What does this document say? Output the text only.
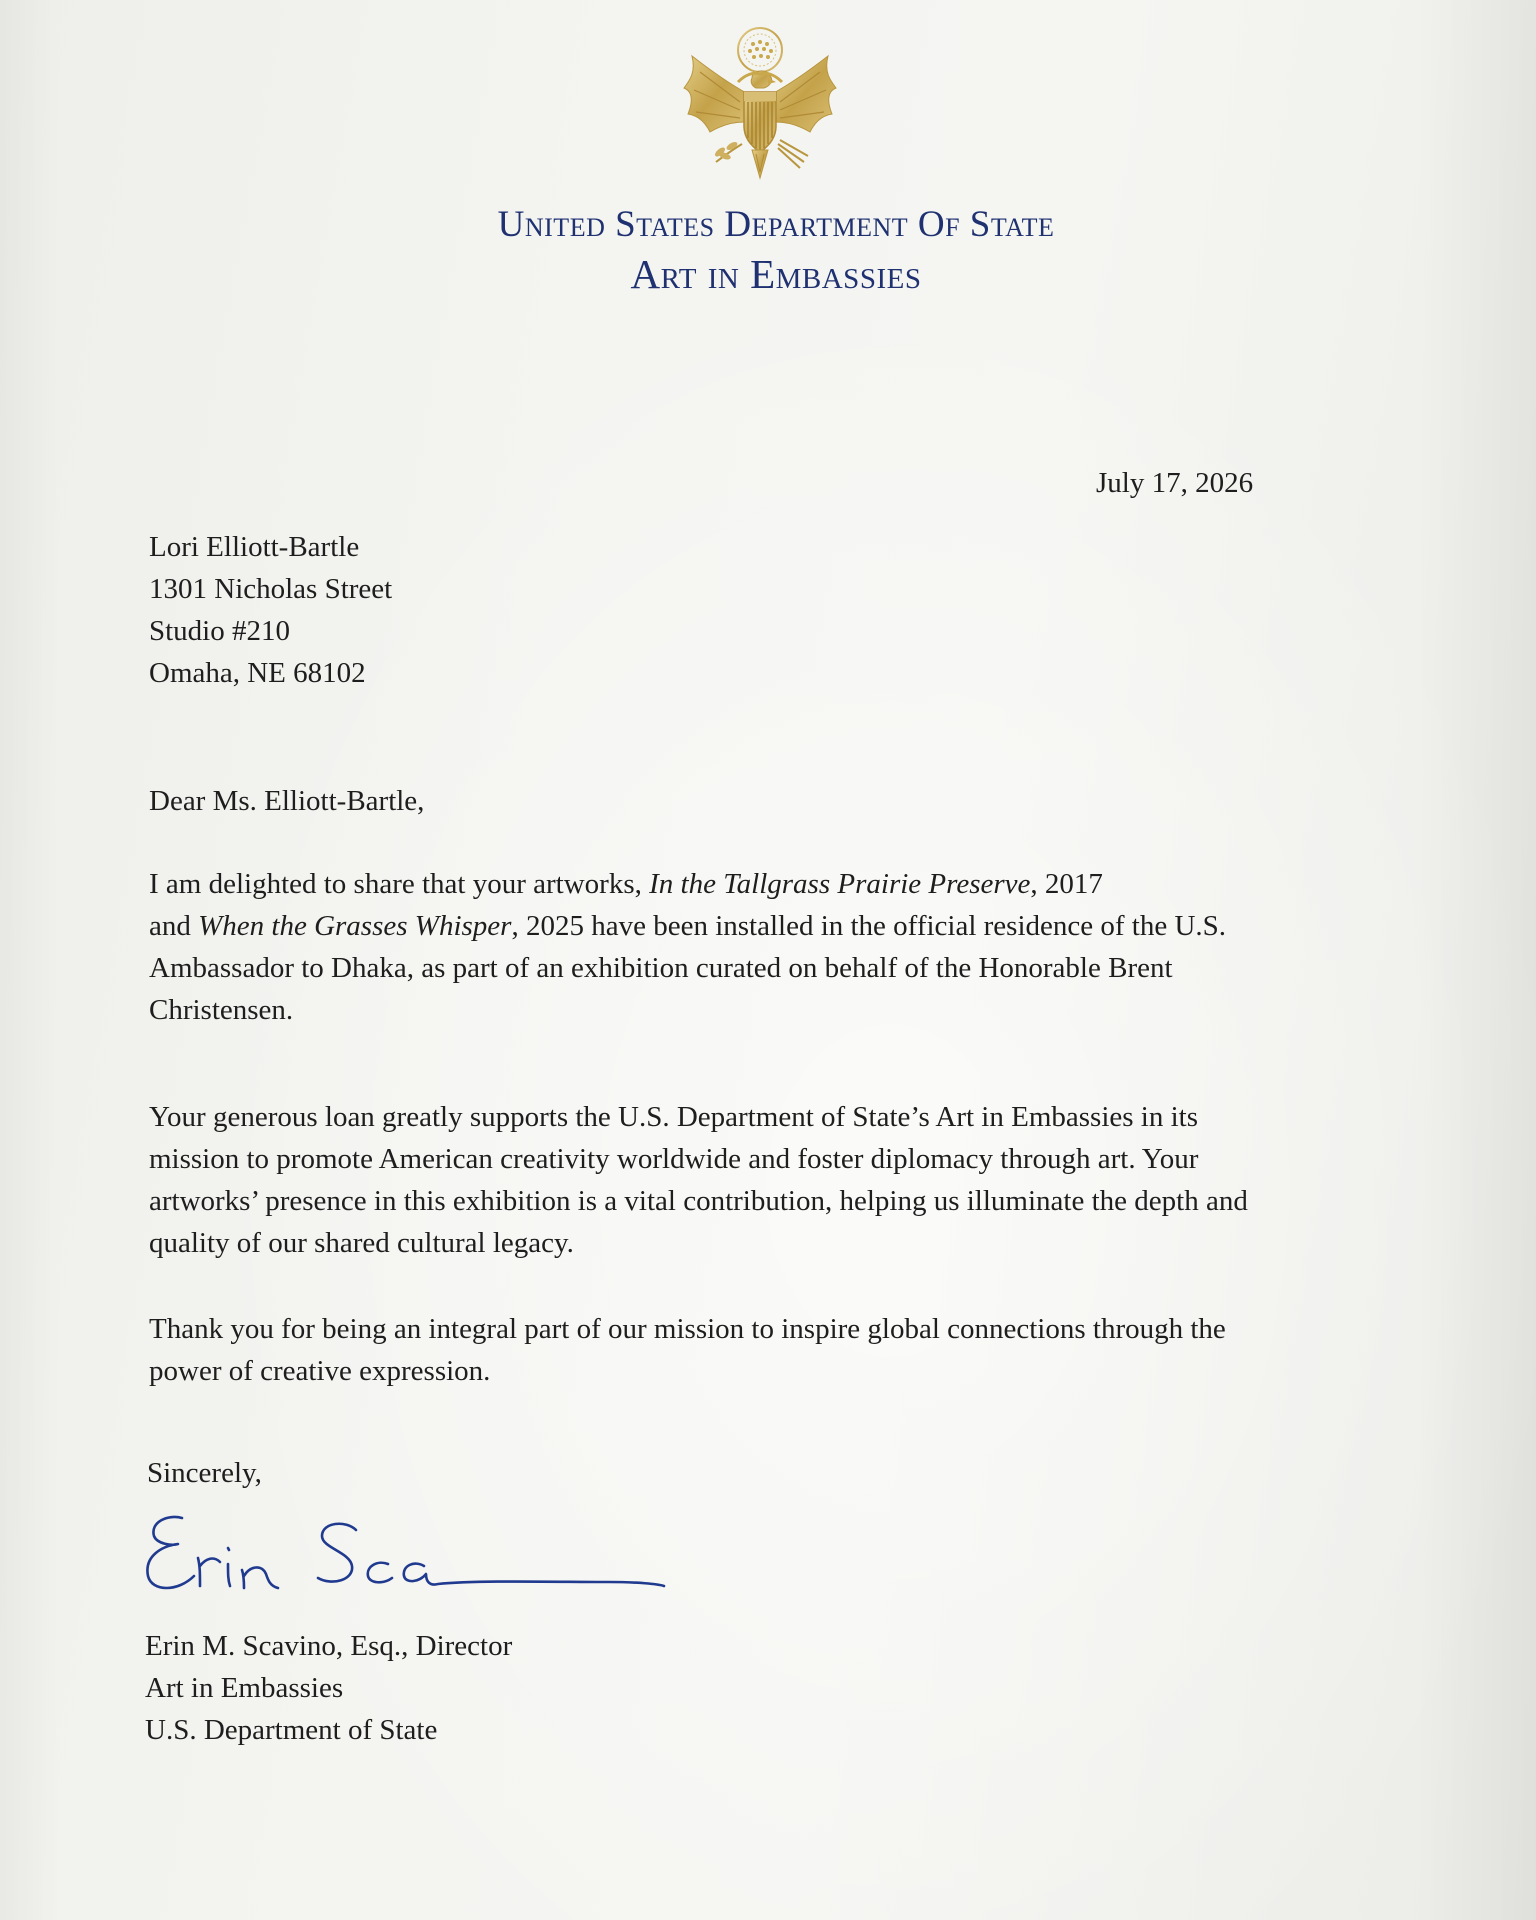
United States Department Of State
Art in Embassies
July 17, 2026
Lori Elliott-Bartle
1301 Nicholas Street
Studio #210
Omaha, NE 68102
Dear Ms. Elliott-Bartle,
I am delighted to share that your artworks, In the Tallgrass Prairie Preserve, 2017
and When the Grasses Whisper, 2025 have been installed in the official residence of the U.S.
Ambassador to Dhaka, as part of an exhibition curated on behalf of the Honorable Brent
Christensen.
Your generous loan greatly supports the U.S. Department of State’s Art in Embassies in its
mission to promote American creativity worldwide and foster diplomacy through art. Your
artworks’ presence in this exhibition is a vital contribution, helping us illuminate the depth and
quality of our shared cultural legacy.
Thank you for being an integral part of our mission to inspire global connections through the
power of creative expression.
Sincerely,
Erin M. Scavino, Esq., Director
Art in Embassies
U.S. Department of State
